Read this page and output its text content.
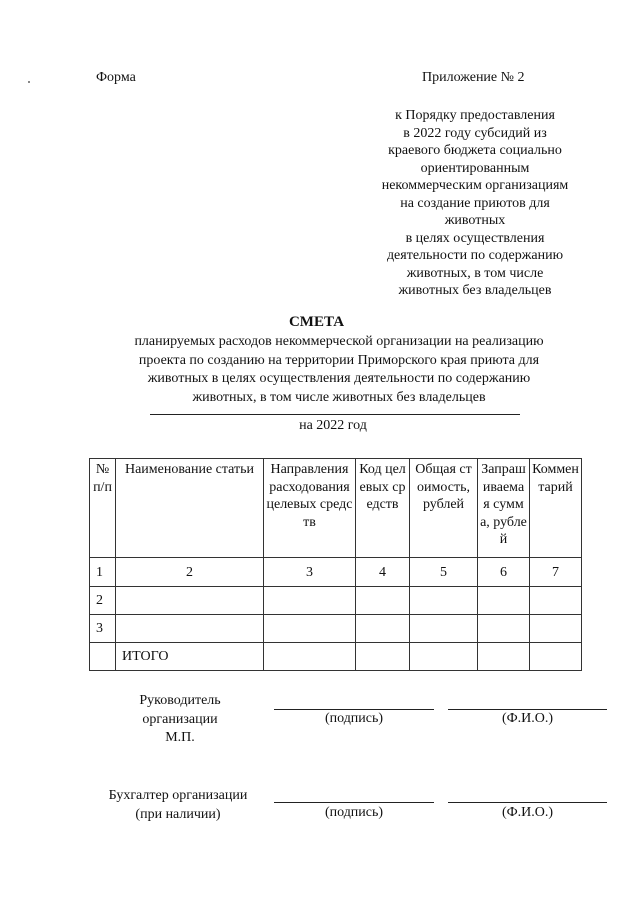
Форма	Приложение № 2
к Порядку предоставления
в 2022 году субсидий из
краевого бюджета социально
ориентированным
некоммерческим организациям
на создание приютов для
животных
в целях осуществления
деятельности по содержанию
животных, в том числе
животных без владельцев
СМЕТА
планируемых расходов некоммерческой организации на реализацию
проекта по созданию на территории Приморского края приюта для
животных в целях осуществления деятельности по содержанию
животных, в том числе животных без владельцев
на 2022 год
№ п/п	Наименование статьи	Направления расходования целевых средств	Код целевых средств	Общая стоимость, рублей	Запрашиваемая сумма, рублей	Комментарий
1	2	3	4	5	6	7
2						
3						
	ИТОГО					
Руководитель
организации
М.П.
(подпись)	(Ф.И.О.)
Бухгалтер организации
(при наличии)	(подпись)	(Ф.И.О.)
